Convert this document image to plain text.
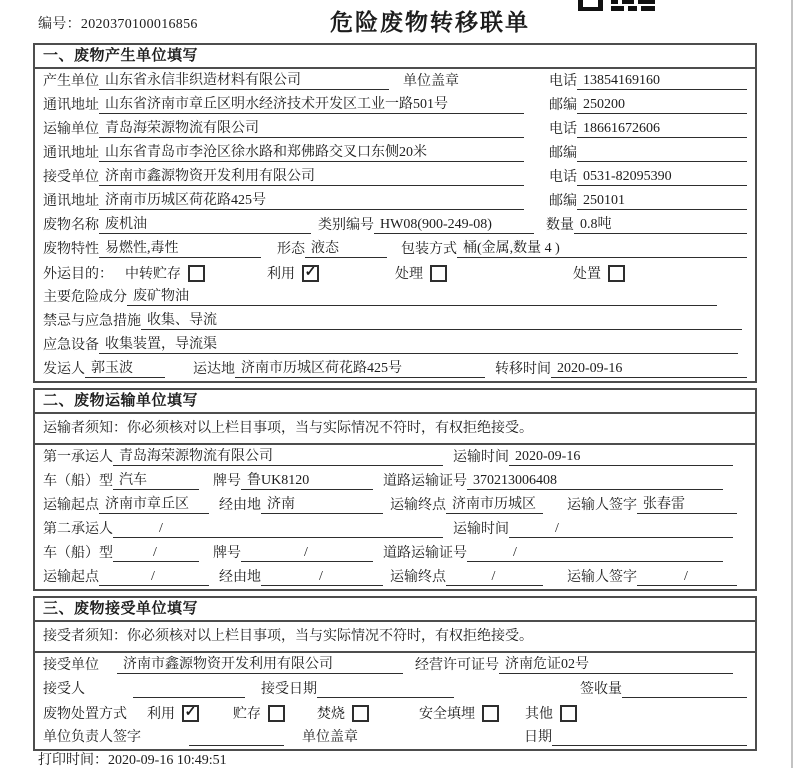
编号：2020370100016856	危险废物转移联单
一、废物产生单位填写
产生单位 山东省永信非织造材料有限公司	单位盖章	电话 13854169160
通讯地址 山东省济南市章丘区明水经济技术开发区工业一路501号	邮编 250200
运输单位 青岛海荣源物流有限公司	电话 18661672606
通讯地址 山东省青岛市李沧区徐水路和郑佛路交叉口东侧20米	邮编
接受单位 济南市鑫源物资开发利用有限公司	电话 0531-82095390
通讯地址 济南市历城区荷花路425号	邮编 250101
废物名称 废机油	类别编号 HW08(900-249-08)	数量 0.8吨
废物特性 易燃性,毒性	形态 液态	包装方式 桶(金属,数量 4 )
外运目的： 中转贮存	利用 ✓	处理	处置
主要危险成分 废矿物油
禁忌与应急措施 收集、导流
应急设备 收集装置，导流渠
发运人 郭玉波	运达地 济南市历城区荷花路425号	转移时间 2020-09-16
二、废物运输单位填写
运输者须知：你必须核对以上栏目事项，当与实际情况不符时，有权拒绝接受。
第一承运人 青岛海荣源物流有限公司	运输时间 2020-09-16
车（船）型 汽车	牌号 鲁UK8120	道路运输证号 370213006408
运输起点 济南市章丘区	经由地 济南	运输终点 济南市历城区	运输人签字 张春雷
第二承运人	/	运输时间	/
车（船）型	/	牌号	/	道路运输证号	/
运输起点	/	经由地	/	运输终点	/	运输人签字	/
三、废物接受单位填写
接受者须知：你必须核对以上栏目事项，当与实际情况不符时，有权拒绝接受。
接受单位	济南市鑫源物资开发利用有限公司	经营许可证号 济南危证02号
接受人	接受日期	签收量
废物处置方式 利用 ✓	贮存	焚烧	安全填埋	其他
单位负责人签字	单位盖章	日期
打印时间：2020-09-16 10:49:51
